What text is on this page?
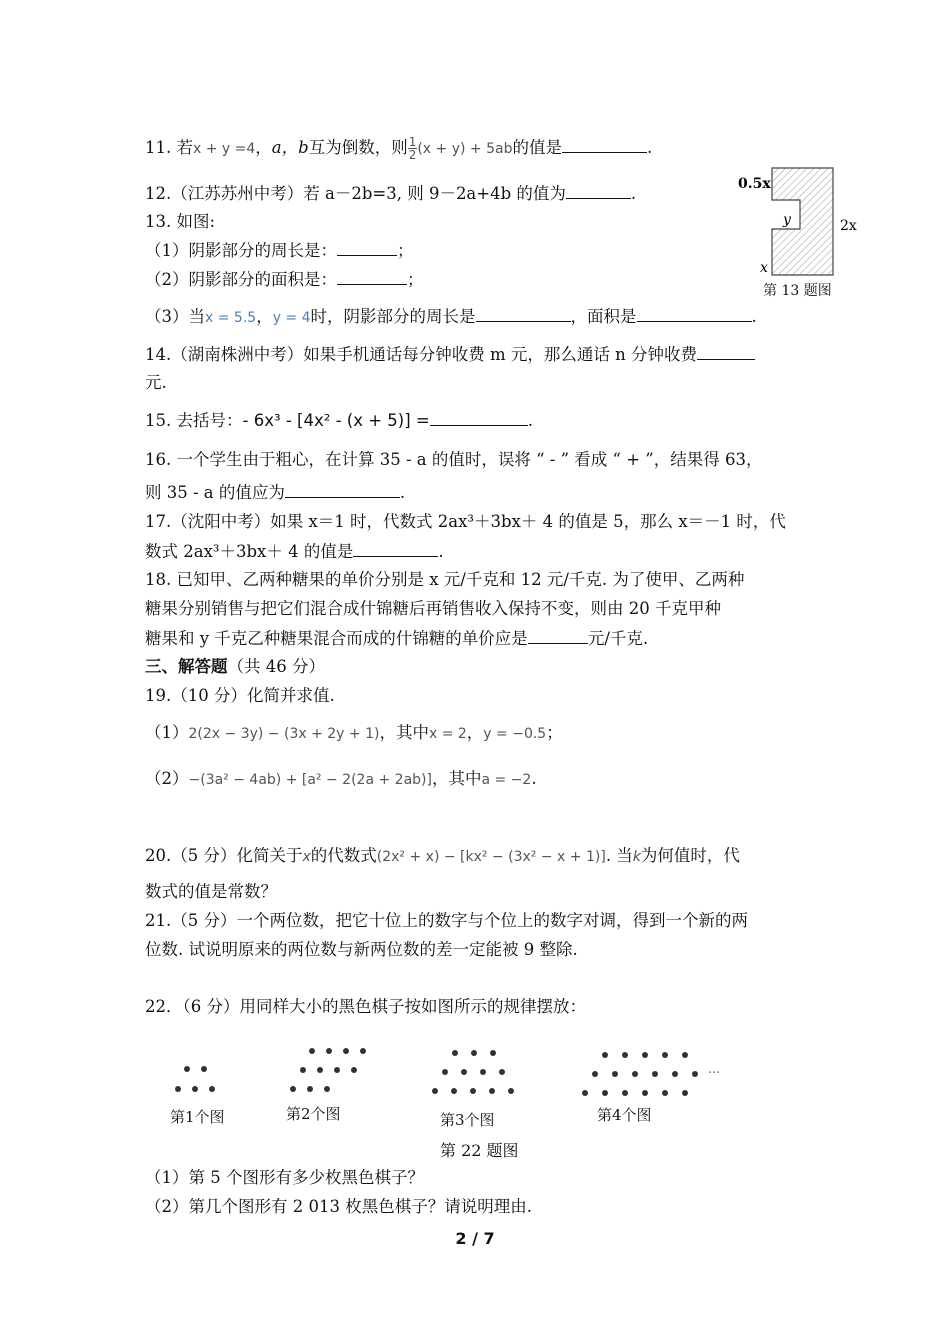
11. 若x + y =4，a，b互为倒数，则 $\frac{1}{2} (x + y) + 5ab$的值是	.
12.（江苏苏州中考）若 a－2b=3, 则 9－2a+4b 的值为	.
13. 如图:
（1）阴影部分的周长是：	；
（2）阴影部分的面积是：	；
（3）当x = 5.5，y = 4时，阴影部分的周长是	，面积是	.
0.5x
y	2x
x
第 13 题图
14.（湖南株洲中考）如果手机通话每分钟收费 m 元，那么通话 n 分钟收费
元.
15. 去括号：- 6x³ - [4x² - (x + 5)] =	.
16. 一个学生由于粗心，在计算 35 - a 的值时，误将 “ - ” 看成 “ + ”，结果得 63，
则 35 - a 的值应为	.
17.（沈阳中考）如果 x＝1 时，代数式 2ax³＋3bx＋ 4 的值是 5，那么 x＝－1 时，代
数式 2ax³＋3bx＋ 4 的值是	.
18. 已知甲、乙两种糖果的单价分别是 x 元/千克和 12 元/千克. 为了使甲、乙两种
糖果分别销售与把它们混合成什锦糖后再销售收入保持不变，则由 20 千克甲种
糖果和 y 千克乙种糖果混合而成的什锦糖的单价应是	元/千克.
三、解答题（共 46 分）
19.（10 分）化简并求值.
（1）2(2x − 3y) − (3x + 2y + 1)，其中x = 2，y = −0.5；
（2）−(3a² − 4ab) + [a² − 2(2a + 2ab)]，其中a = −2.
20.（5 分）化简关于x的代数式(2x² + x) − [kx² − (3x² − x + 1)]. 当k为何值时，代
数式的值是常数？
21.（5 分）一个两位数，把它十位上的数字与个位上的数字对调，得到一个新的两
位数. 试说明原来的两位数与新两位数的差一定能被 9 整除.
22．（6 分）用同样大小的黑色棋子按如图所示的规律摆放：
···
第1个图	第2个图	第3个图	第4个图
第 22 题图
（1）第 5 个图形有多少枚黑色棋子？
（2）第几个图形有 2 013 枚黑色棋子？请说明理由.
2 / 7
